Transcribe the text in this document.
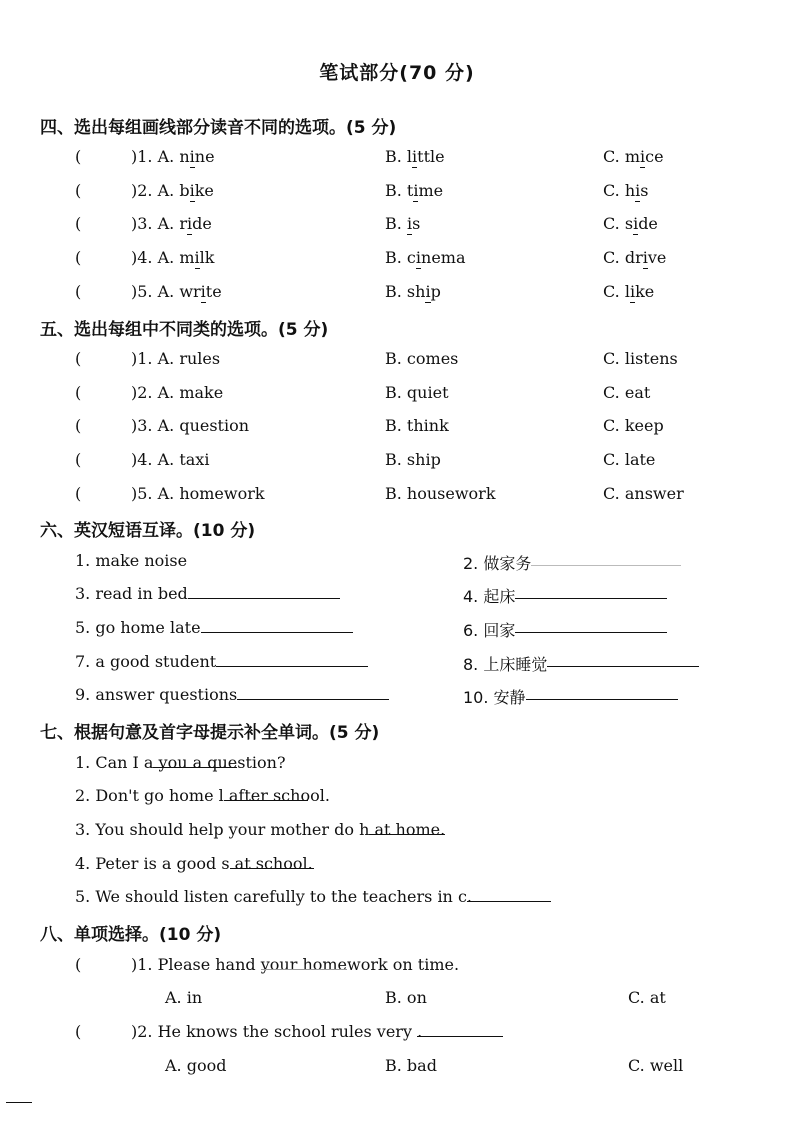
笔试部分(70 分)
四、选出每组画线部分读音不同的选项。(5 分)
(	)1. A. nine	B. little	C. mice
(	)2. A. bike	B. time	C. his
(	)3. A. ride	B. is	C. side
(	)4. A. milk	B. cinema	C. drive
(	)5. A. write	B. ship	C. like
五、选出每组中不同类的选项。(5 分)
(	)1. A. rules	B. comes	C. listens
(	)2. A. make	B. quiet	C. eat
(	)3. A. question	B. think	C. keep
(	)4. A. taxi	B. ship	C. late
(	)5. A. homework	B. housework	C. answer
六、英汉短语互译。(10 分)
1. make noise	2. 做家务
3. read in bed	4. 起床
5. go home late	6. 回家
7. a good student	8. 上床睡觉
9. answer questions	10. 安静
七、根据句意及首字母提示补全单词。(5 分)
1. Can I a
you a question?
2. Don't go home l
after school.
3. You should help your mother do h
at home.
4. Peter is a good s
at school.
5. We should listen carefully to the teachers in c
.
八、单项选择。(10 分)
(	)1. Please hand
your homework on time.
A. in	B. on	C. at
(	)2. He knows the school rules very
.
A. good	B. bad	C. well
